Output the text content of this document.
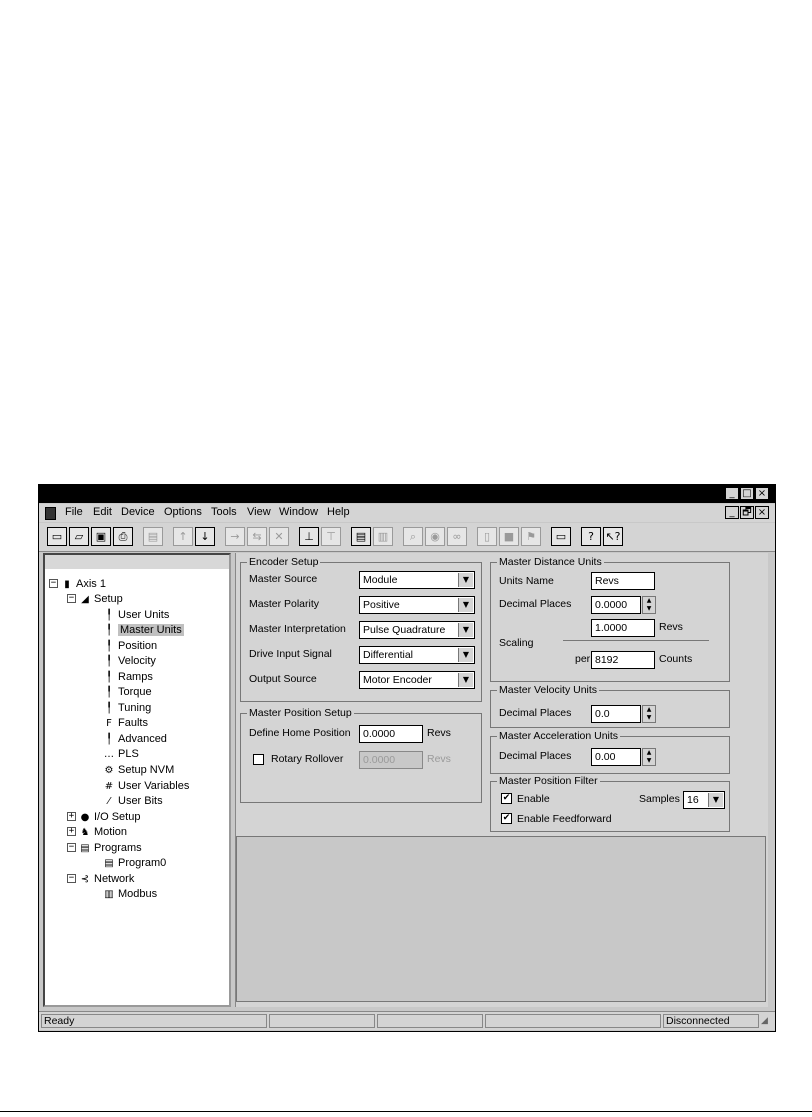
_ □ ×
File Edit Device Options Tools View Window Help	_ 🗗 ×
▭	▱	▣	⎙	▤	↑	↓	→	⇆	✕	⊥	⊤	▤	▥	⌕	◉	∞	▯	■	⚑	▭	?	↖?
− ▮ Axis 1
− ◢ Setup
╿ User Units
╿ Master Units
╿ Position
╿ Velocity
╿ Ramps
╿ Torque
╿ Tuning
F Faults
╿ Advanced
… PLS
⚙ Setup NVM
# User Variables
⁄ User Bits
+ ● I/O Setup
+ ♞ Motion
− ▤ Programs
▤ Program0
− ⊰ Network
▥ Modbus
Encoder Setup
Master Source	Module	▼
Master Polarity	Positive	▼
Master Interpretation	Pulse Quadrature	▼
Drive Input Signal	Differential	▼
Output Source	Motor Encoder	▼
Master Position Setup
Define Home Position	0.0000	Revs
Rotary Rollover	0.0000	Revs
Master Distance Units
Units Name	Revs
Decimal Places	0.0000	▲
▼
1.0000	Revs
Scaling
per 8192	Counts
Master Velocity Units
Decimal Places	0.0	▲
▼
Master Acceleration Units
Decimal Places	0.00	▲
▼
Master Position Filter
✔ Enable	Samples 16	▼
✔ Enable Feedforward
Ready	Disconnected	◢
